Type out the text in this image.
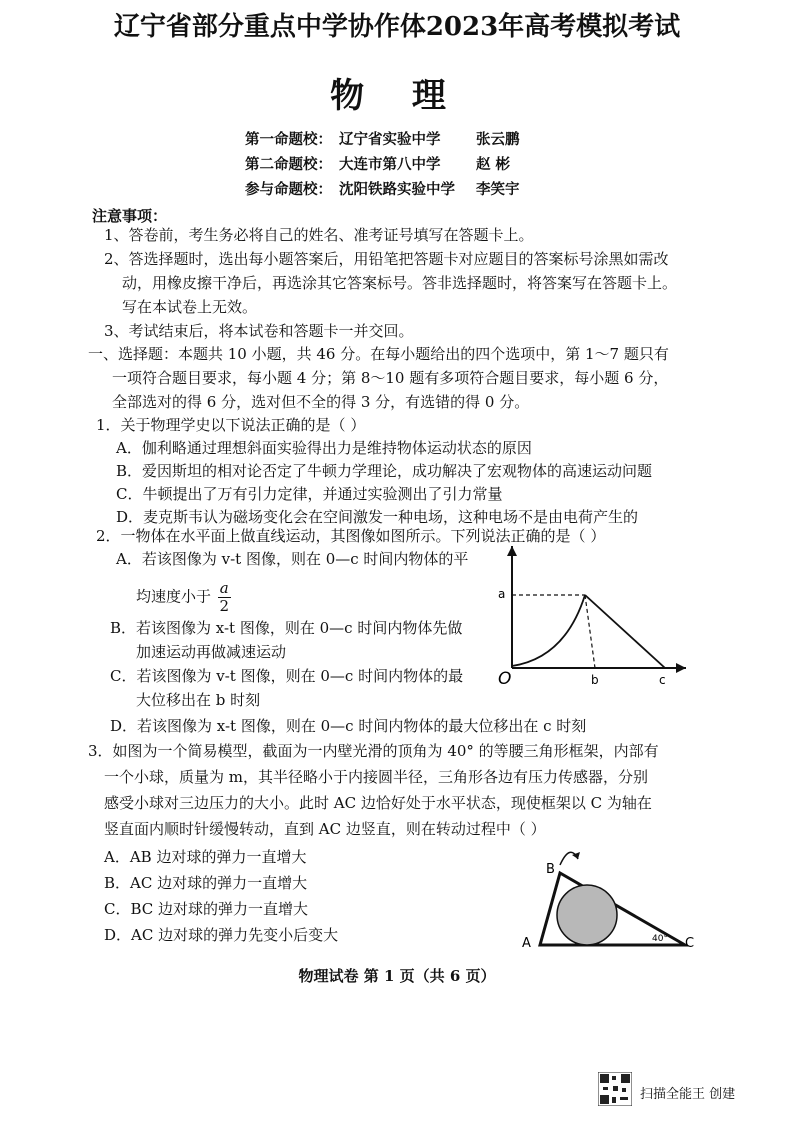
辽宁省部分重点中学协作体2023年高考模拟考试
物 理
第一命题校： 辽宁省实验中学 张云鹏
第二命题校： 大连市第八中学 赵 彬
参与命题校： 沈阳铁路实验中学 李笑宇
注意事项：
1、答卷前，考生务必将自己的姓名、准考证号填写在答题卡上。
2、答选择题时，选出每小题答案后，用铅笔把答题卡对应题目的答案标号涂黑如需改
动，用橡皮擦干净后，再选涂其它答案标号。答非选择题时，将答案写在答题卡上。
写在本试卷上无效。
3、考试结束后，将本试卷和答题卡一并交回。
一、选择题：本题共 10 小题，共 46 分。在每小题给出的四个选项中，第 1～7 题只有
一项符合题目要求，每小题 4 分；第 8～10 题有多项符合题目要求，每小题 6 分，
全部选对的得 6 分，选对但不全的得 3 分，有选错的得 0 分。
1．关于物理学史以下说法正确的是（ ）
A．伽利略通过理想斜面实验得出力是维持物体运动状态的原因
B．爱因斯坦的相对论否定了牛顿力学理论，成功解决了宏观物体的高速运动问题
C．牛顿提出了万有引力定律，并通过实验测出了引力常量
D．麦克斯韦认为磁场变化会在空间激发一种电场，这种电场不是由电荷产生的
2．一物体在水平面上做直线运动，其图像如图所示。下列说法正确的是（ ）
A．若该图像为 v-t 图像，则在 0—c 时间内物体的平
均速度小于 $\frac{a}{2}$
B．若该图像为 x-t 图像，则在 0—c 时间内物体先做
加速运动再做减速运动
C．若该图像为 v-t 图像，则在 0—c 时间内物体的最
大位移出在 b 时刻
D．若该图像为 x-t 图像，则在 0—c 时间内物体的最大位移出在 c 时刻
a
O	b	c
3．如图为一个简易模型，截面为一内壁光滑的顶角为 40° 的等腰三角形框架，内部有
一个小球，质量为 m，其半径略小于内接圆半径，三角形各边有压力传感器，分别
感受小球对三边压力的大小。此时 AC 边恰好处于水平状态，现使框架以 C 为轴在
竖直面内顺时针缓慢转动，直到 AC 边竖直，则在转动过程中（ ）
A．AB 边对球的弹力一直增大
B．AC 边对球的弹力一直增大
C．BC 边对球的弹力一直增大
D．AC 边对球的弹力先变小后变大	A
B
C
40°
物理试卷 第 1 页（共 6 页）
扫描全能王 创建
